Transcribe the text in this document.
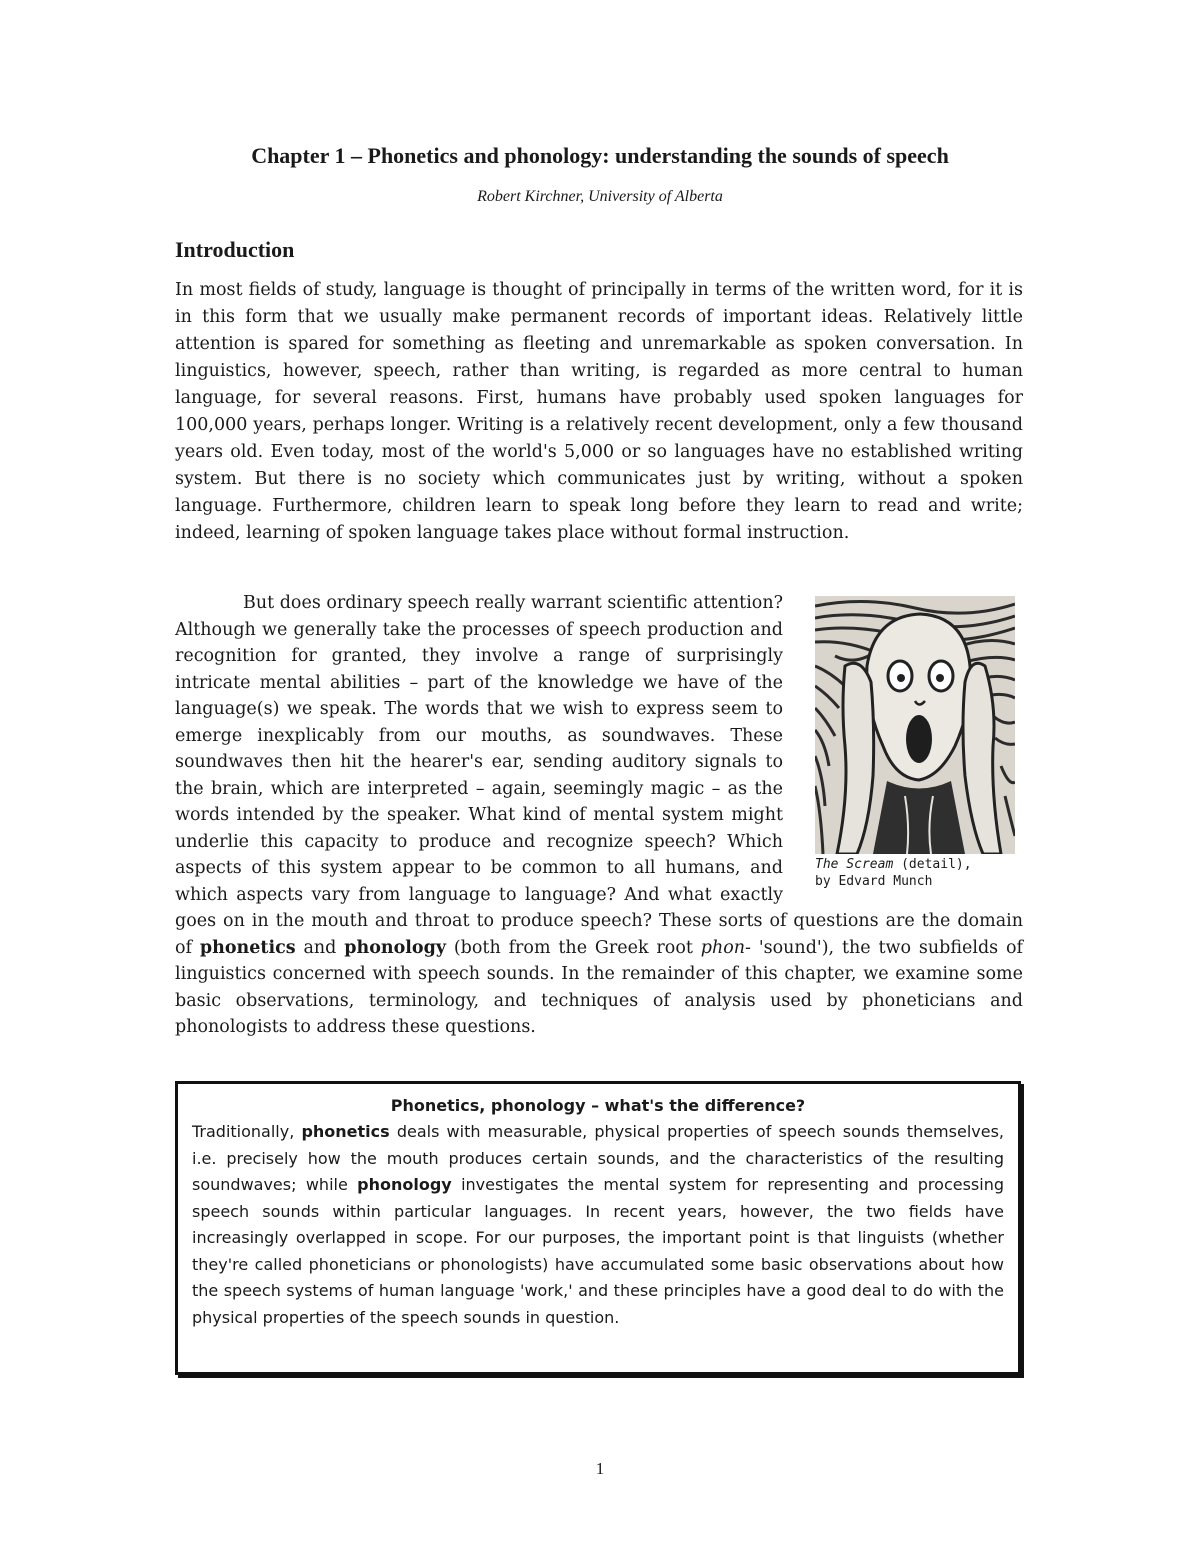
Chapter 1 – Phonetics and phonology: understanding the sounds of speech

Robert Kirchner, University of Alberta

Introduction

In most fields of study, language is thought of principally in terms of the written word, for it is in this form that we usually make permanent records of important ideas. Relatively little attention is spared for something as fleeting and unremarkable as spoken conversation. In linguistics, however, speech, rather than writing, is regarded as more central to human language, for several reasons. First, humans have probably used spoken languages for 100,000 years, perhaps longer. Writing is a relatively recent development, only a few thousand years old. Even today, most of the world's 5,000 or so languages have no established writing system. But there is no society which communicates just by writing, without a spoken language. Furthermore, children learn to speak long before they learn to read and write; indeed, learning of spoken language takes place without formal instruction.

But does ordinary speech really warrant scientific attention? Although we generally take the processes of speech production and recognition for granted, they involve a range of surprisingly intricate mental abilities – part of the knowledge we have of the language(s) we speak. The words that we wish to express seem to emerge inexplicably from our mouths, as soundwaves. These soundwaves then hit the hearer's ear, sending auditory signals to the brain, which are interpreted – again, seemingly magic – as the words intended by the speaker. What kind of mental system might underlie this capacity to produce and recognize speech? Which aspects of this system appear to be common to all humans, and which aspects vary from language to language? And what exactly goes on in the mouth and throat to produce speech? These sorts of questions are the domain of phonetics and phonology (both from the Greek root phon- 'sound'), the two subfields of linguistics concerned with speech sounds. In the remainder of this chapter, we examine some basic observations, terminology, and techniques of analysis used by phoneticians and phonologists to address these questions.

The Scream (detail),
by Edvard Munch

Phonetics, phonology – what's the difference?

Traditionally, phonetics deals with measurable, physical properties of speech sounds themselves, i.e. precisely how the mouth produces certain sounds, and the characteristics of the resulting soundwaves; while phonology investigates the mental system for representing and processing speech sounds within particular languages. In recent years, however, the two fields have increasingly overlapped in scope. For our purposes, the important point is that linguists (whether they're called phoneticians or phonologists) have accumulated some basic observations about how the speech systems of human language 'work,' and these principles have a good deal to do with the physical properties of the speech sounds in question.

1
